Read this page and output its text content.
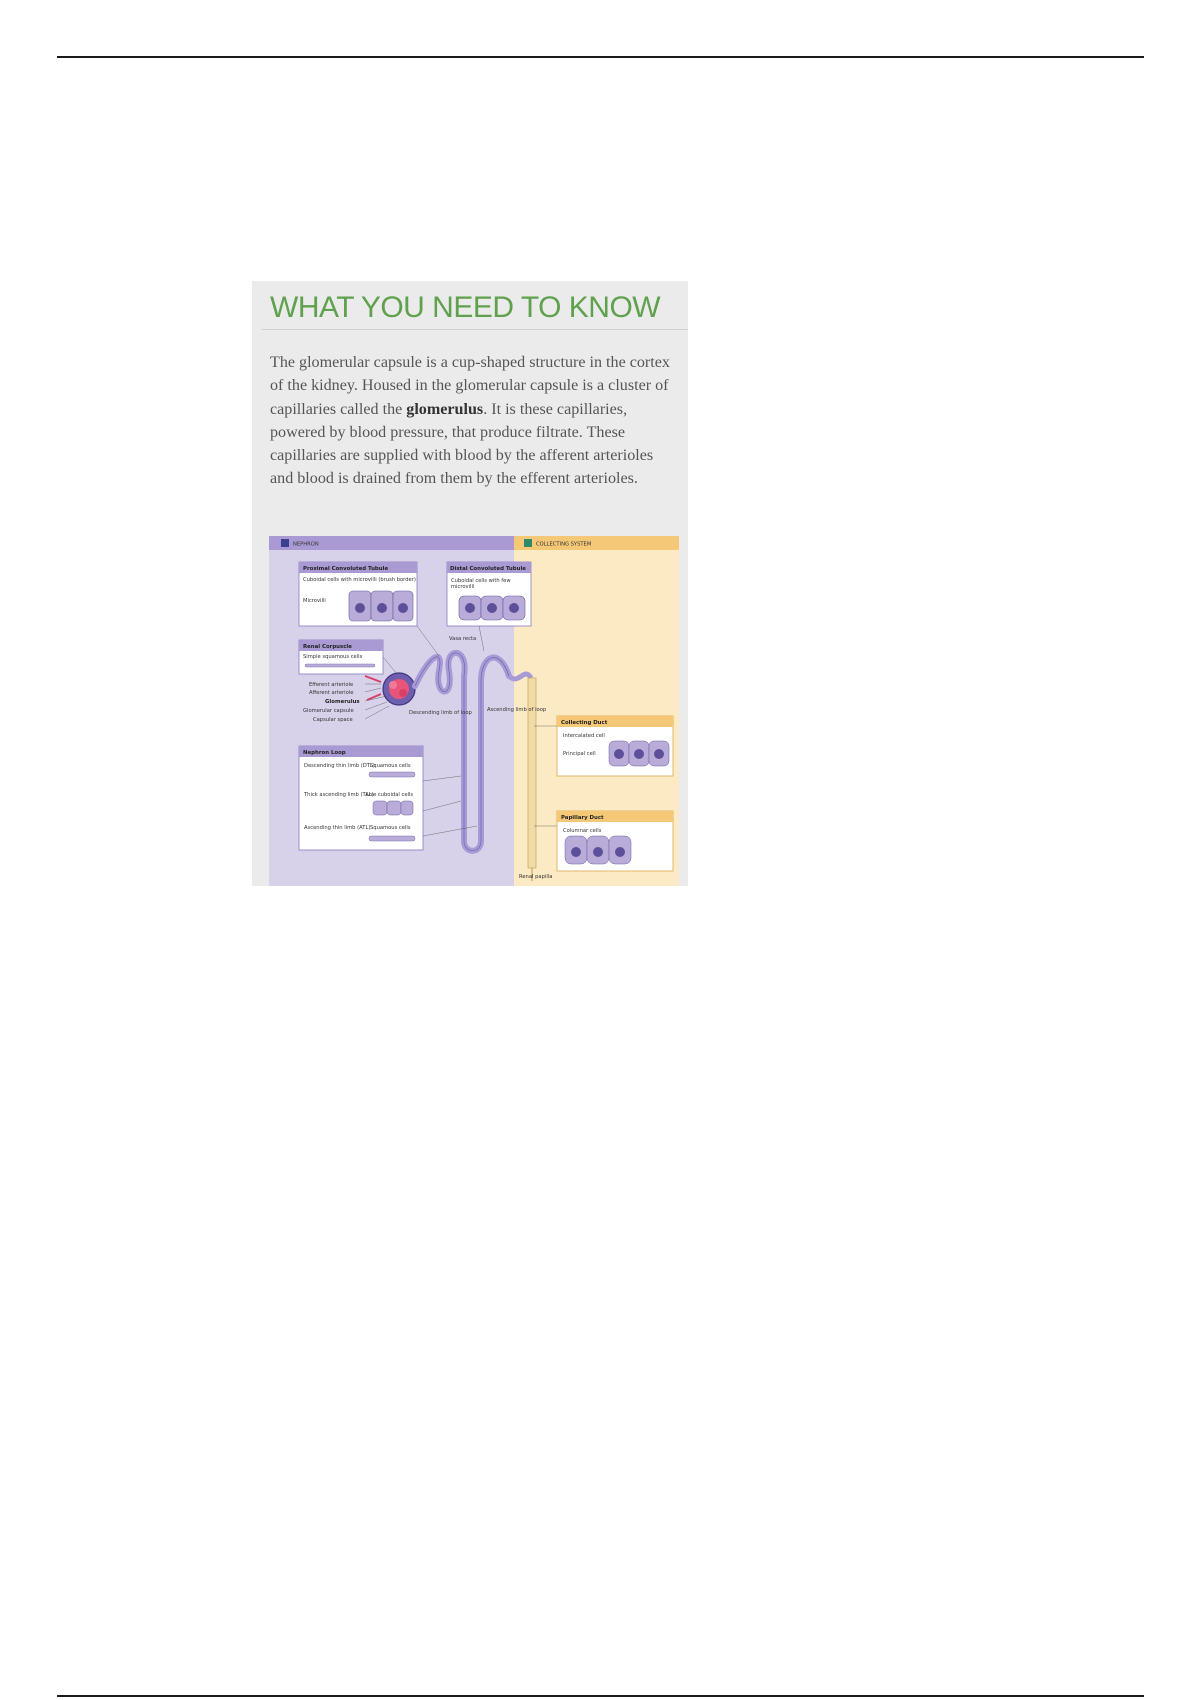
WHAT YOU NEED TO KNOW

The glomerular capsule is a cup-shaped structure in the cortex of the kidney. Housed in the glomerular capsule is a cluster of capillaries called the glomerulus. It is these capillaries, powered by blood pressure, that produce filtrate. These capillaries are supplied with blood by the afferent arterioles and blood is drained from them by the efferent arterioles.

NEPHRON	COLLECTING SYSTEM
Proximal Convoluted Tubule
Cuboidal cells with microvilli (brush border)
Microvilli
Distal Convoluted Tubule
Cuboidal cells with few
microvilli
Renal Corpuscle
Simple squamous cells
Nephron Loop
Descending thin limb (DTL)
Squamous cells
Thick ascending limb (TAL)
Low cuboidal cells
Ascending thin limb (ATL) Squamous cells
Efferent arteriole
Afferent arteriole
Glomerulus
Glomerular capsule
Capsular space
Descending limb of loop	Ascending limb of loop
Vasa recta
Renal papilla
Collecting Duct
Intercalated cell
Principal cell
Papillary Duct
Columnar cells
